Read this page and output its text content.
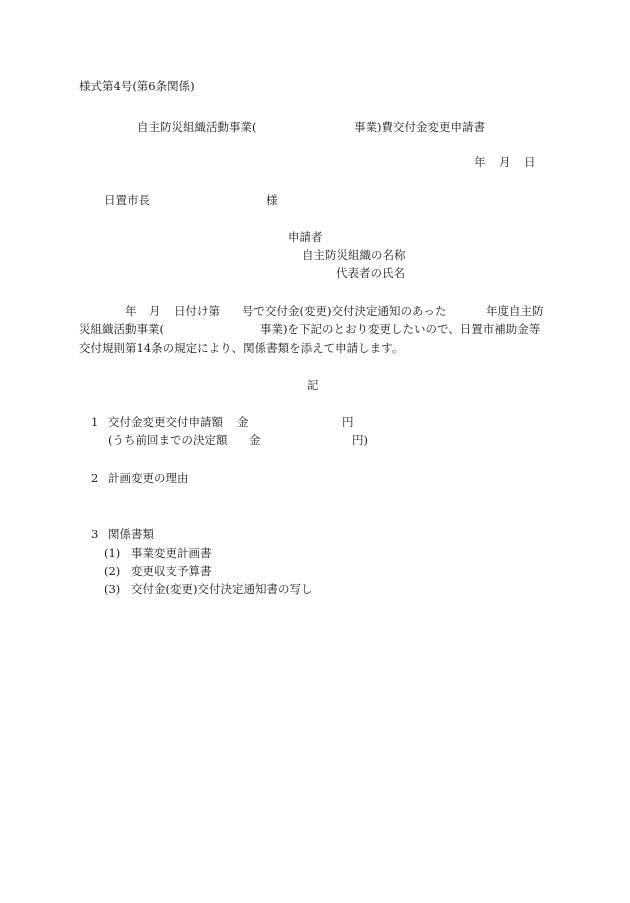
様式第4号(第6条関係)
自主防災組織活動事業(	事業)費交付金変更申請書
年 月 日
日置市長	様
申請者
自主防災組織の名称
代表者の氏名
年 月 日付け第 号で交付金(変更)交付決定通知のあった	年度自主防
災組織活動事業(	事業)を下記のとおり変更したいので、日置市補助金等
交付規則第14条の規定により、関係書類を添えて申請します。
記
1 交付金変更交付申請額 金	円
(うち前回までの決定額 金	円)
2 計画変更の理由
3 関係書類
(1) 事業変更計画書
(2) 変更収支予算書
(3) 交付金(変更)交付決定通知書の写し
